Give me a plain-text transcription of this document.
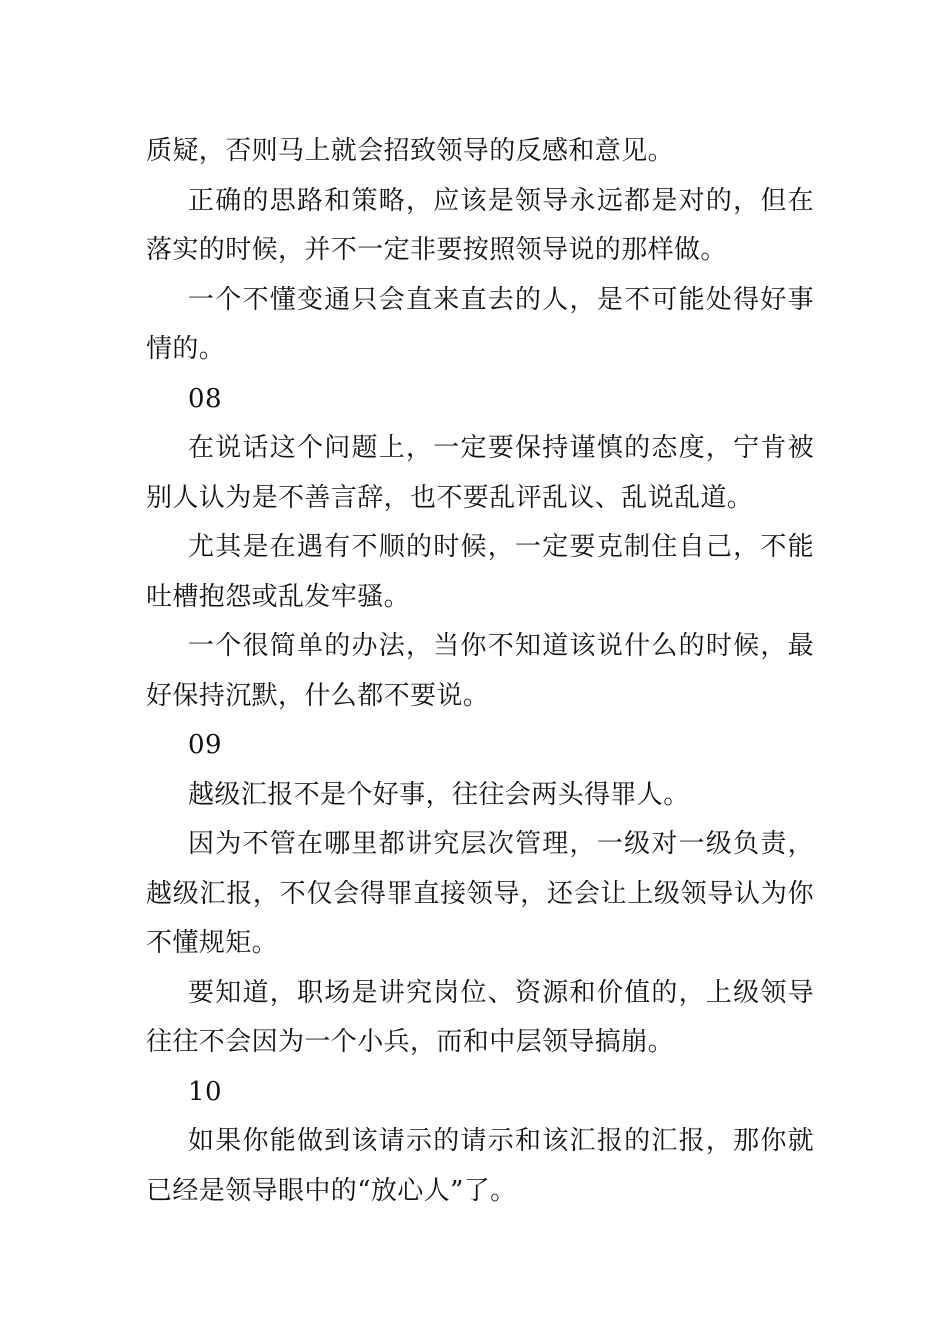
质疑，否则马上就会招致领导的反感和意见。

正确的思路和策略，应该是领导永远都是对的，但在落实的时候，并不一定非要按照领导说的那样做。

一个不懂变通只会直来直去的人，是不可能处得好事情的。

08

在说话这个问题上，一定要保持谨慎的态度，宁肯被别人认为是不善言辞，也不要乱评乱议、乱说乱道。

尤其是在遇有不顺的时候，一定要克制住自己，不能吐槽抱怨或乱发牢骚。

一个很简单的办法，当你不知道该说什么的时候，最好保持沉默，什么都不要说。

09

越级汇报不是个好事，往往会两头得罪人。

因为不管在哪里都讲究层次管理，一级对一级负责，越级汇报，不仅会得罪直接领导，还会让上级领导认为你不懂规矩。

要知道，职场是讲究岗位、资源和价值的，上级领导往往不会因为一个小兵，而和中层领导搞崩。

10

如果你能做到该请示的请示和该汇报的汇报，那你就已经是领导眼中的“放心人”了。
